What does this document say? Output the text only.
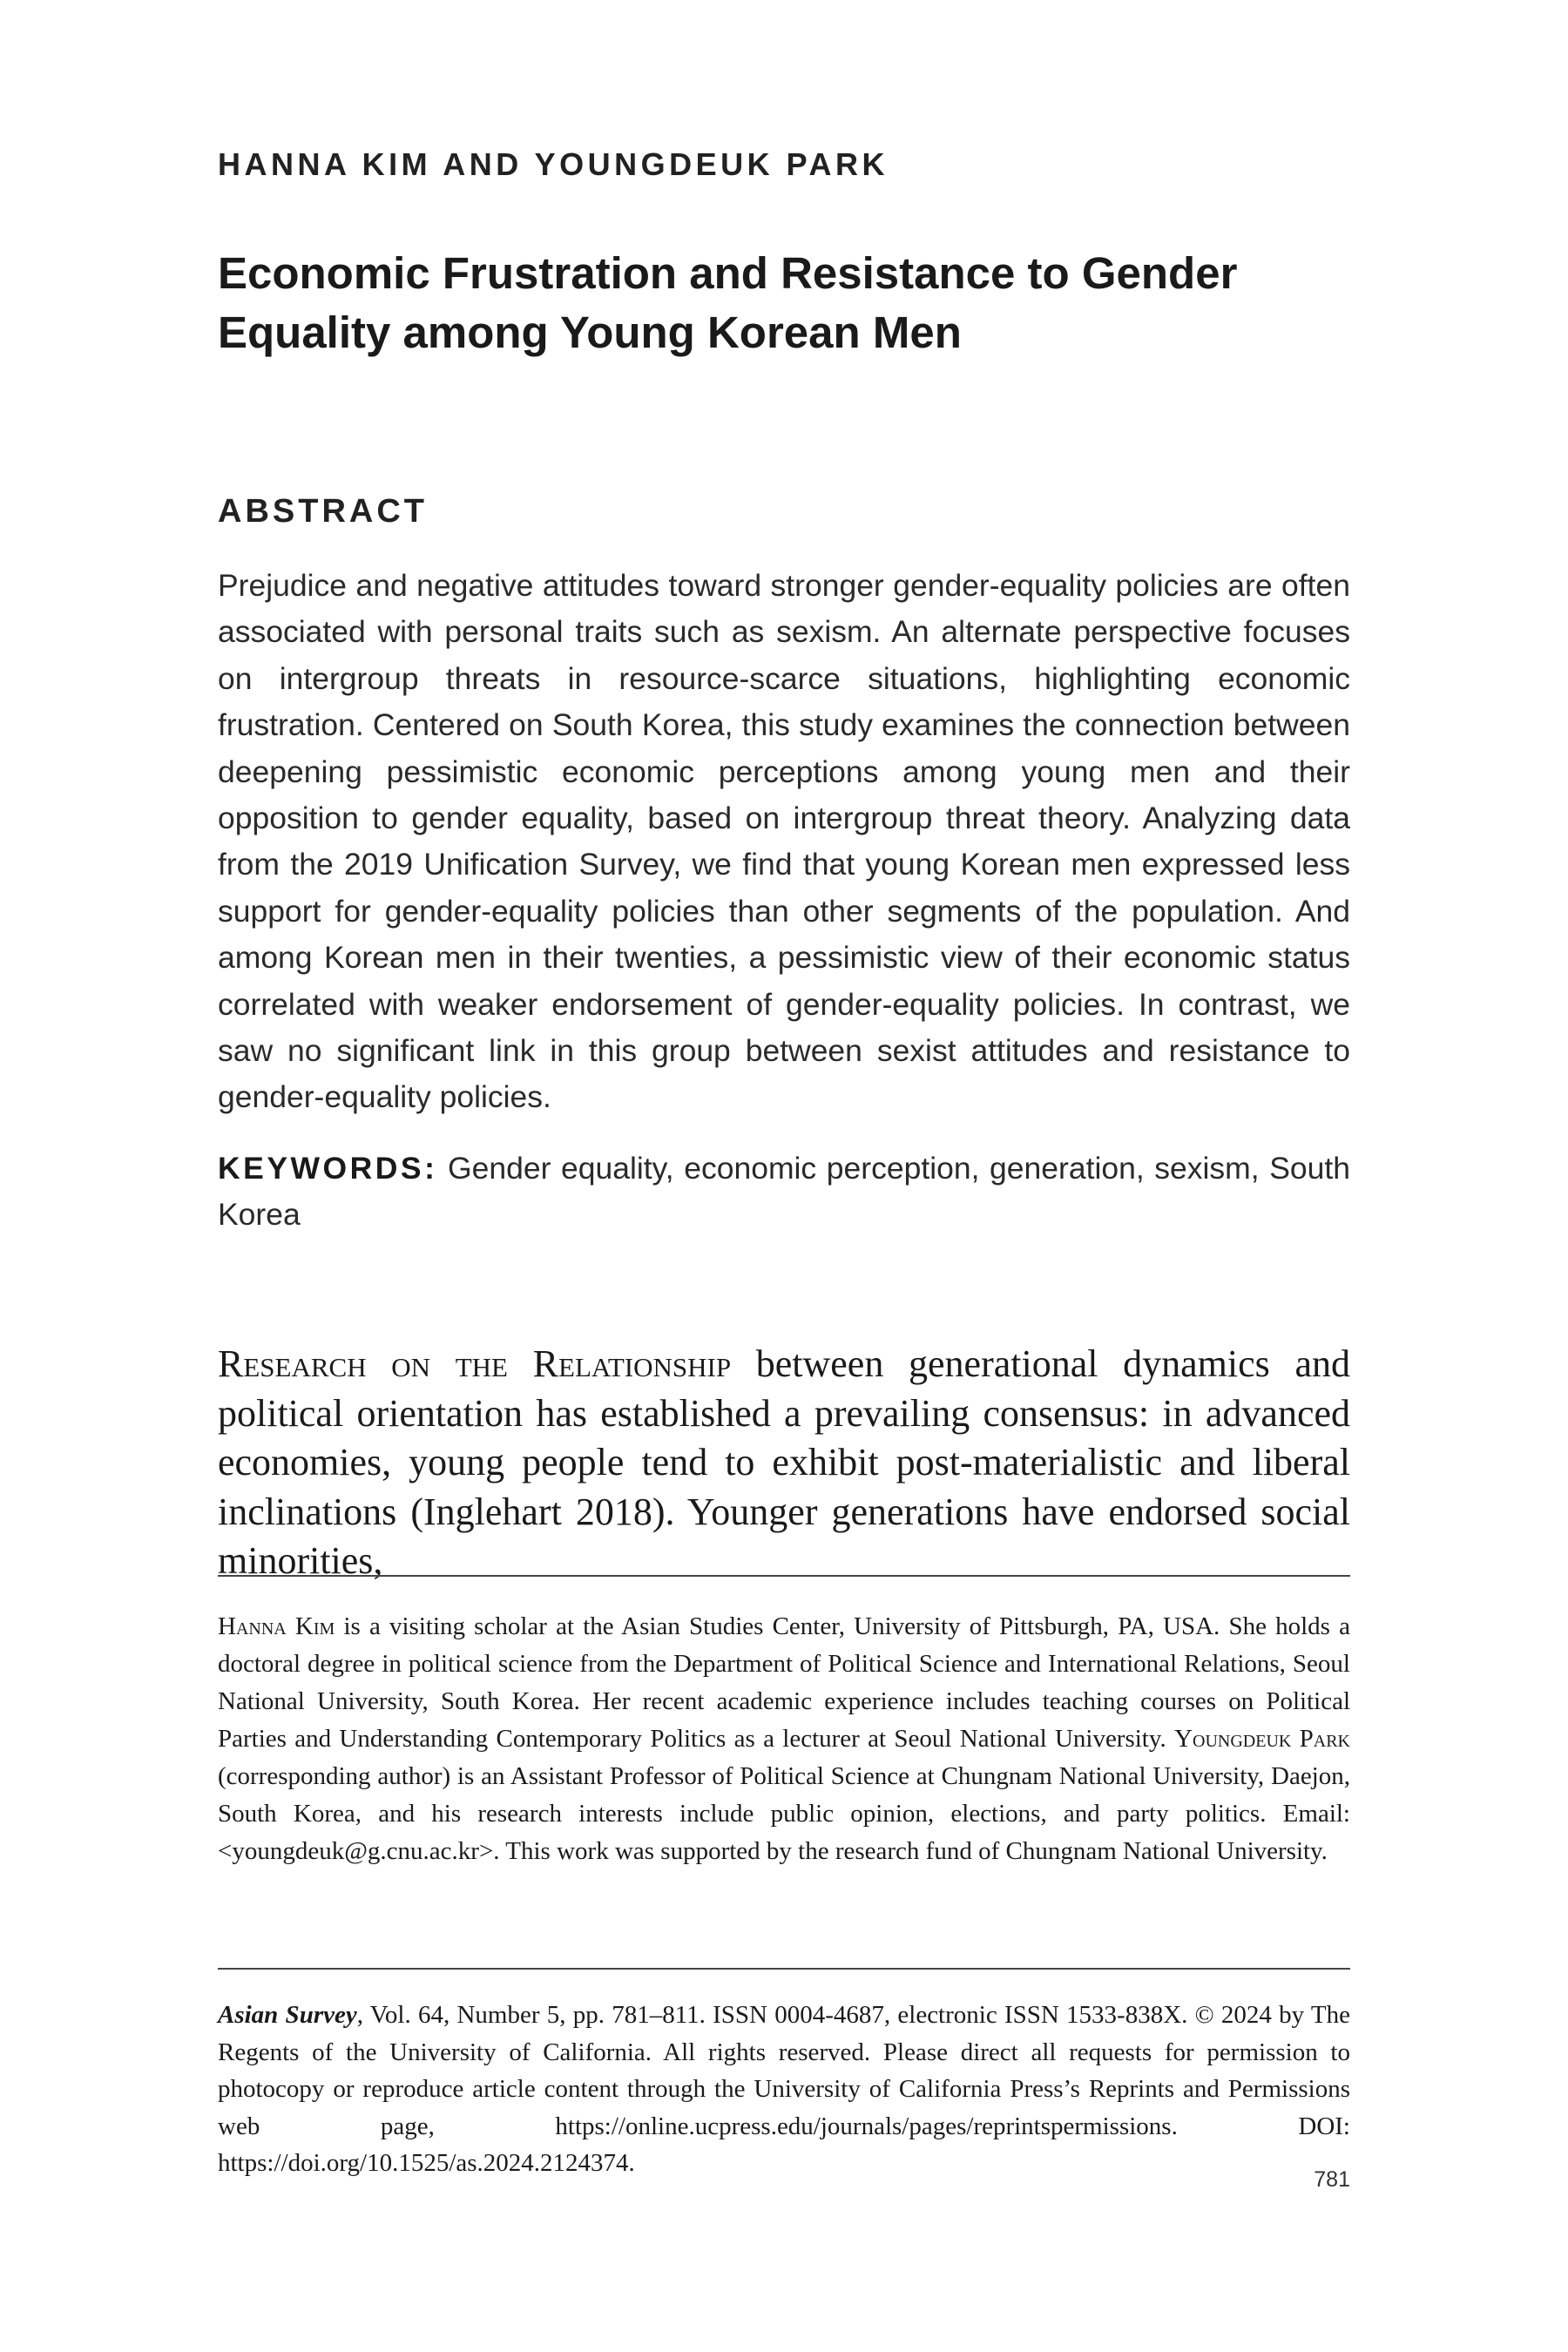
HANNA KIM AND YOUNGDEUK PARK
Economic Frustration and Resistance to Gender Equality among Young Korean Men
ABSTRACT

Prejudice and negative attitudes toward stronger gender-equality policies are often associated with personal traits such as sexism. An alternate perspective focuses on intergroup threats in resource-scarce situations, highlighting economic frustration. Centered on South Korea, this study examines the connection between deepening pessimistic economic perceptions among young men and their opposition to gender equality, based on intergroup threat theory. Analyzing data from the 2019 Unification Survey, we find that young Korean men expressed less support for gender-equality policies than other segments of the population. And among Korean men in their twenties, a pessimistic view of their economic status correlated with weaker endorsement of gender-equality policies. In contrast, we saw no significant link in this group between sexist attitudes and resistance to gender-equality policies.

KEYWORDS: Gender equality, economic perception, generation, sexism, South Korea

Research on the Relationship between generational dynamics and political orientation has established a prevailing consensus: in advanced economies, young people tend to exhibit post-materialistic and liberal inclinations (Inglehart 2018). Younger generations have endorsed social minorities,

Hanna Kim is a visiting scholar at the Asian Studies Center, University of Pittsburgh, PA, USA. She holds a doctoral degree in political science from the Department of Political Science and International Relations, Seoul National University, South Korea. Her recent academic experience includes teaching courses on Political Parties and Understanding Contemporary Politics as a lecturer at Seoul National University. Youngdeuk Park (corresponding author) is an Assistant Professor of Political Science at Chungnam National University, Daejon, South Korea, and his research interests include public opinion, elections, and party politics. Email: <youngdeuk@g.cnu.ac.kr>. This work was supported by the research fund of Chungnam National University.

Asian Survey, Vol. 64, Number 5, pp. 781–811. ISSN 0004-4687, electronic ISSN 1533-838X. © 2024 by The Regents of the University of California. All rights reserved. Please direct all requests for permission to photocopy or reproduce article content through the University of California Press’s Reprints and Permissions web page, https://online.ucpress.edu/journals/pages/reprintspermissions. DOI: https://doi.org/10.1525/as.2024.2124374.

781
